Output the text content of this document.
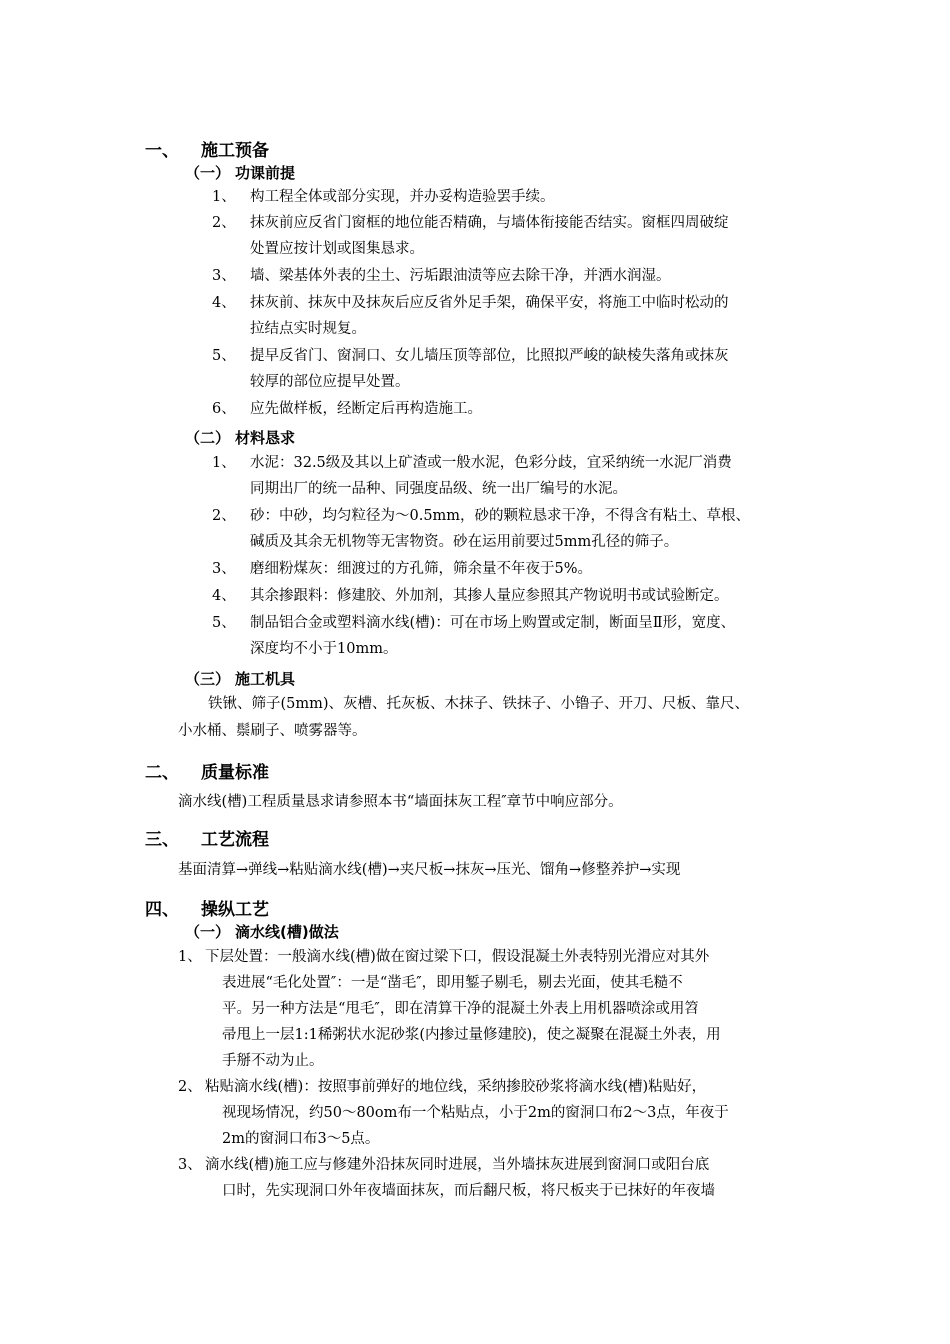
一、 施工预备
（一） 功课前提
1、 构工程全体或部分实现，并办妥构造验罢手续。
2、 抹灰前应反省门窗框的地位能否精确，与墙体衔接能否结实。窗框四周破绽
处置应按计划或图集恳求。
3、 墙、梁基体外表的尘土、污垢跟油渍等应去除干净，并洒水润湿。
4、 抹灰前、抹灰中及抹灰后应反省外足手架，确保平安，将施工中临时松动的
拉结点实时规复。
5、 提早反省门、窗洞口、女儿墙压顶等部位，比照拟严峻的缺棱失落角或抹灰
较厚的部位应提早处置。
6、 应先做样板，经断定后再构造施工。
（二） 材料恳求
1、 水泥：32.5级及其以上矿渣或一般水泥，色彩分歧，宜采纳统一水泥厂消费
同期出厂的统一品种、同强度品级、统一出厂编号的水泥。
2、 砂：中砂，均匀粒径为～0.5mm，砂的颗粒恳求干净，不得含有粘土、草根、
碱质及其余无机物等无害物资。砂在运用前要过5mm孔径的筛子。
3、 磨细粉煤灰：细渡过的方孔筛，筛余量不年夜于5%。
4、 其余掺跟料：修建胶、外加剂，其掺人量应参照其产物说明书或试验断定。
5、 制品铝合金或塑料滴水线(槽)：可在市场上购置或定制，断面呈Ⅱ形，宽度、
深度均不小于10mm。
（三） 施工机具
铁锹、筛子(5mm)、灰槽、托灰板、木抹子、铁抹子、小镥子、开刀、尺板、靠尺、
小水桶、鬃刷子、喷雾器等。
二、 质量标准
滴水线(槽)工程质量恳求请参照本书“墙面抹灰工程″章节中响应部分。
三、 工艺流程
基面清算→弹线→粘贴滴水线(槽)→夹尺板→抹灰→压光、馏角→修整养护→实现
四、 操纵工艺
（一） 滴水线(槽)做法
1、 下层处置：一般滴水线(槽)做在窗过梁下口，假设混凝土外表特别光滑应对其外
表进展“毛化处置″：一是“凿毛″，即用錾子剔毛，剔去光面，使其毛糙不
平。另一种方法是“甩毛″，即在清算干净的混凝土外表上用机器喷涂或用笤
帚甩上一层1:1稀粥状水泥砂浆(内掺过量修建胶)，使之凝聚在混凝土外表，用
手掰不动为止。
2、 粘贴滴水线(槽)：按照事前弹好的地位线，采纳掺胶砂浆将滴水线(槽)粘贴好，
视现场情况，约50～80om布一个粘贴点，小于2m的窗洞口布2～3点，年夜于
2m的窗洞口布3～5点。
3、 滴水线(槽)施工应与修建外沿抹灰同时进展，当外墙抹灰进展到窗洞口或阳台底
口时，先实现洞口外年夜墙面抹灰，而后翻尺板，将尺板夹于已抹好的年夜墙
